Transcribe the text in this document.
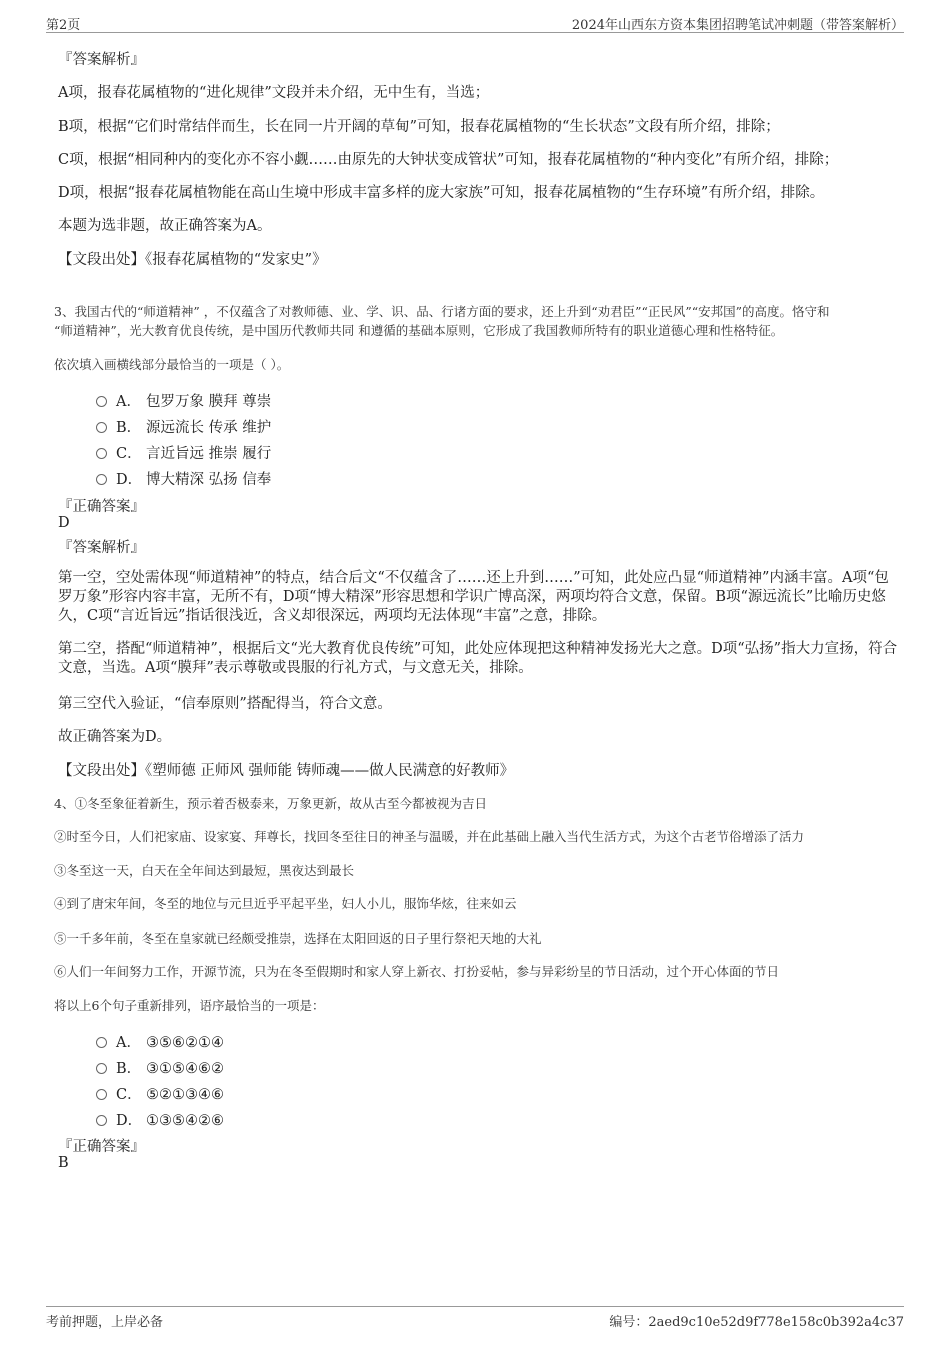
第2页	2024年山西东方资本集团招聘笔试冲刺题（带答案解析）
『答案解析』
A项，报春花属植物的“进化规律”文段并未介绍，无中生有，当选；
B项，根据“它们时常结伴而生，长在同一片开阔的草甸”可知，报春花属植物的“生长状态”文段有所介绍，排除；
C项，根据“相同种内的变化亦不容小觑……由原先的大钟状变成管状”可知，报春花属植物的“种内变化”有所介绍，排除；
D项，根据“报春花属植物能在高山生境中形成丰富多样的庞大家族”可知，报春花属植物的“生存环境”有所介绍，排除。
本题为选非题，故正确答案为A。
【文段出处】《报春花属植物的“发家史”》
3、我国古代的“师道精神” ，不仅蕴含了对教师德、业、学、识、品、行诸方面的要求，还上升到“劝君臣”“正民风”“安邦国”的高度。恪守和
“师道精神”，光大教育优良传统，是中国历代教师共同 和遵循的基础本原则，它形成了我国教师所特有的职业道德心理和性格特征。
依次填入画横线部分最恰当的一项是（ ）。
A． 包罗万象 膜拜 尊崇
B． 源远流长 传承 维护
C． 言近旨远 推崇 履行
D． 博大精深 弘扬 信奉
『正确答案』
D
『答案解析』
第一空，空处需体现“师道精神”的特点，结合后文“不仅蕴含了……还上升到……”可知，此处应凸显“师道精神”内涵丰富。A项“包罗万象”形容内容丰富，无所不有，D项“博大精深”形容思想和学识广博高深，两项均符合文意，保留。B项“源远流长”比喻历史悠久，C项“言近旨远”指话很浅近，含义却很深远，两项均无法体现“丰富”之意，排除。
第二空，搭配“师道精神”，根据后文“光大教育优良传统”可知，此处应体现把这种精神发扬光大之意。D项“弘扬”指大力宣扬，符合文意，当选。A项“膜拜”表示尊敬或畏服的行礼方式，与文意无关，排除。
第三空代入验证，“信奉原则”搭配得当，符合文意。
故正确答案为D。
【文段出处】《塑师德 正师风 强师能 铸师魂——做人民满意的好教师》
4、①冬至象征着新生，预示着否极泰来，万象更新，故从古至今都被视为吉日
②时至今日，人们祀家庙、设家宴、拜尊长，找回冬至往日的神圣与温暖，并在此基础上融入当代生活方式，为这个古老节俗增添了活力
③冬至这一天，白天在全年间达到最短，黑夜达到最长
④到了唐宋年间，冬至的地位与元旦近乎平起平坐，妇人小儿，服饰华炫，往来如云
⑤一千多年前，冬至在皇家就已经颇受推崇，选择在太阳回返的日子里行祭祀天地的大礼
⑥人们一年间努力工作，开源节流，只为在冬至假期时和家人穿上新衣、打扮妥帖，参与异彩纷呈的节日活动，过个开心体面的节日
将以上6个句子重新排列，语序最恰当的一项是：
A． ③⑤⑥②①④
B． ③①⑤④⑥②
C． ⑤②①③④⑥
D． ①③⑤④②⑥
『正确答案』
B
考前押题，上岸必备	编号：2aed9c10e52d9f778e158c0b392a4c37
